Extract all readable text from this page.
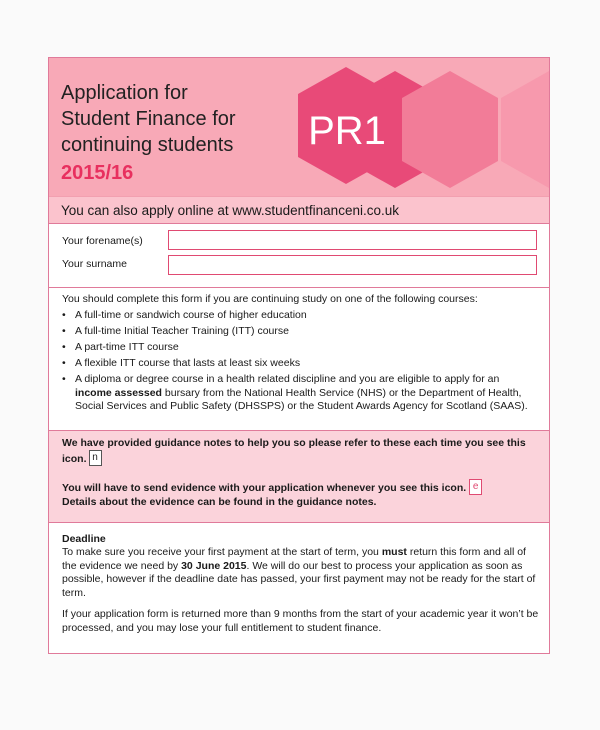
PR1
Application for
Student Finance for
continuing students
2015/16
You can also apply online at www.studentfinanceni.co.uk
Your forename(s)
Your surname
You should complete this form if you are continuing study on one of the following courses:
• A full-time or sandwich course of higher education
• A full-time Initial Teacher Training (ITT) course
• A part-time ITT course
• A flexible ITT course that lasts at least six weeks
• A diploma or degree course in a health related discipline and you are eligible to apply for an income assessed bursary from the National Health Service (NHS) or the Department of Health, Social Services and Public Safety (DHSSPS) or the Student Awards Agency for Scotland (SAAS).
We have provided guidance notes to help you so please refer to these each time you see this icon. n
You will have to send evidence with your application whenever you see this icon. e
Details about the evidence can be found in the guidance notes.
Deadline
To make sure you receive your first payment at the start of term, you must return this form and all of the evidence we need by 30 June 2015. We will do our best to process your application as soon as possible, however if the deadline date has passed, your first payment may not be ready for the start of term.
If your application form is returned more than 9 months from the start of your academic year it won’t be processed, and you may lose your full entitlement to student finance.
